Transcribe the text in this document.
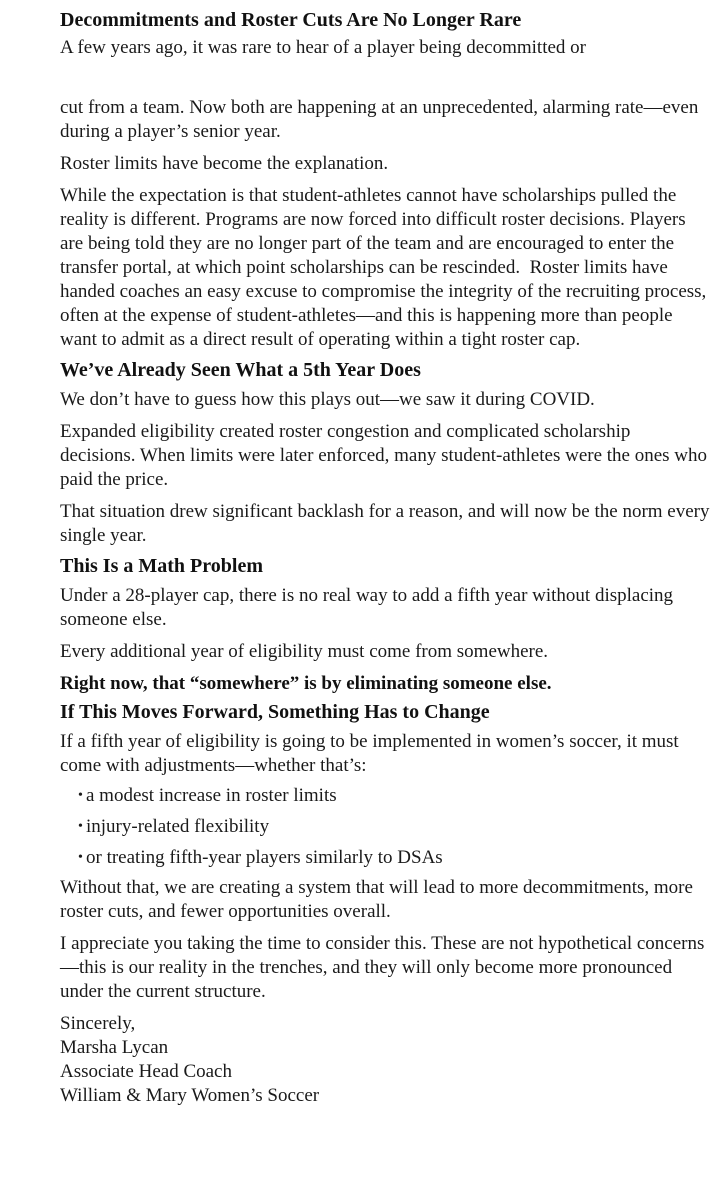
Decommitments and Roster Cuts Are No Longer Rare

A few years ago, it was rare to hear of a player being decommitted or

cut from a team. Now both are happening at an unprecedented, alarming rate—even during a player’s senior year.

Roster limits have become the explanation.

While the expectation is that student-athletes cannot have scholarships pulled the reality is different. Programs are now forced into difficult roster decisions. Players are being told they are no longer part of the team and are encouraged to enter the transfer portal, at which point scholarships can be rescinded.  Roster limits have handed coaches an easy excuse to compromise the integrity of the recruiting process, often at the expense of student-athletes—and this is happening more than people want to admit as a direct result of operating within a tight roster cap.

We’ve Already Seen What a 5th Year Does

We don’t have to guess how this plays out—we saw it during COVID.

Expanded eligibility created roster congestion and complicated scholarship decisions. When limits were later enforced, many student-athletes were the ones who paid the price.

That situation drew significant backlash for a reason, and will now be the norm every single year.

This Is a Math Problem

Under a 28-player cap, there is no real way to add a fifth year without displacing someone else.

Every additional year of eligibility must come from somewhere.

Right now, that “somewhere” is by eliminating someone else.

If This Moves Forward, Something Has to Change

If a fifth year of eligibility is going to be implemented in women’s soccer, it must come with adjustments—whether that’s:

• a modest increase in roster limits
• injury-related flexibility
• or treating fifth-year players similarly to DSAs

Without that, we are creating a system that will lead to more decommitments, more roster cuts, and fewer opportunities overall.

I appreciate you taking the time to consider this. These are not hypothetical concerns—this is our reality in the trenches, and they will only become more pronounced under the current structure.

Sincerely,
Marsha Lycan
Associate Head Coach
William & Mary Women’s Soccer
